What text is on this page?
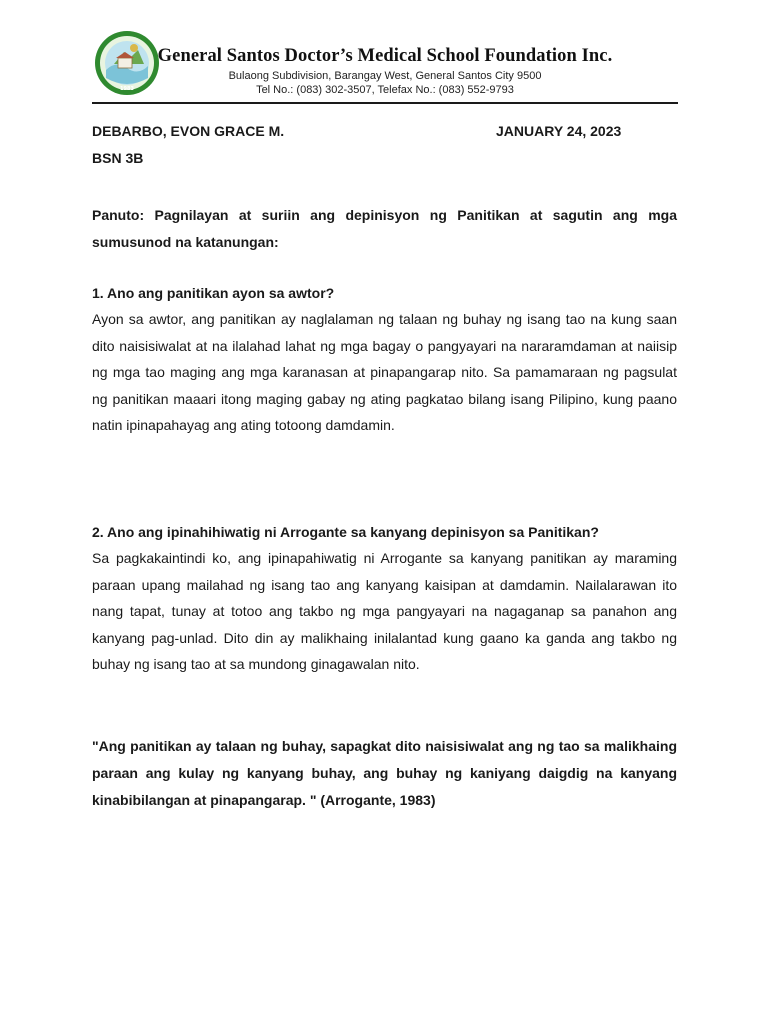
1983
General Santos Doctor’s Medical School Foundation Inc.
Bulaong Subdivision, Barangay West, General Santos City 9500
Tel No.: (083) 302-3507, Telefax No.: (083) 552-9793
DEBARBO, EVON GRACE M.	JANUARY 24, 2023
BSN 3B
Panuto: Pagnilayan at suriin ang depinisyon ng Panitikan at sagutin ang mga sumusunod na katanungan:
1. Ano ang panitikan ayon sa awtor?
Ayon sa awtor, ang panitikan ay naglalaman ng talaan ng buhay ng isang tao na kung saan dito naisisiwalat at na ilalahad lahat ng mga bagay o pangyayari na nararamdaman at naiisip ng mga tao maging ang mga karanasan at pinapangarap nito. Sa pamamaraan ng pagsulat ng panitikan maaari itong maging gabay ng ating pagkatao bilang isang Pilipino, kung paano natin ipinapahayag ang ating totoong damdamin.
2. Ano ang ipinahihiwatig ni Arrogante sa kanyang depinisyon sa Panitikan?
Sa pagkakaintindi ko, ang ipinapahiwatig ni Arrogante sa kanyang panitikan ay maraming paraan upang mailahad ng isang tao ang kanyang kaisipan at damdamin. Nailalarawan ito nang tapat, tunay at totoo ang takbo ng mga pangyayari na nagaganap sa panahon ang kanyang pag-unlad. Dito din ay malikhaing inilalantad kung gaano ka ganda ang takbo ng buhay ng isang tao at sa mundong ginagawalan nito.
"Ang panitikan ay talaan ng buhay, sapagkat dito naisisiwalat ang ng tao sa malikhaing paraan ang kulay ng kanyang buhay, ang buhay ng kaniyang daigdig na kanyang kinabibilangan at pinapangarap. " (Arrogante, 1983)
